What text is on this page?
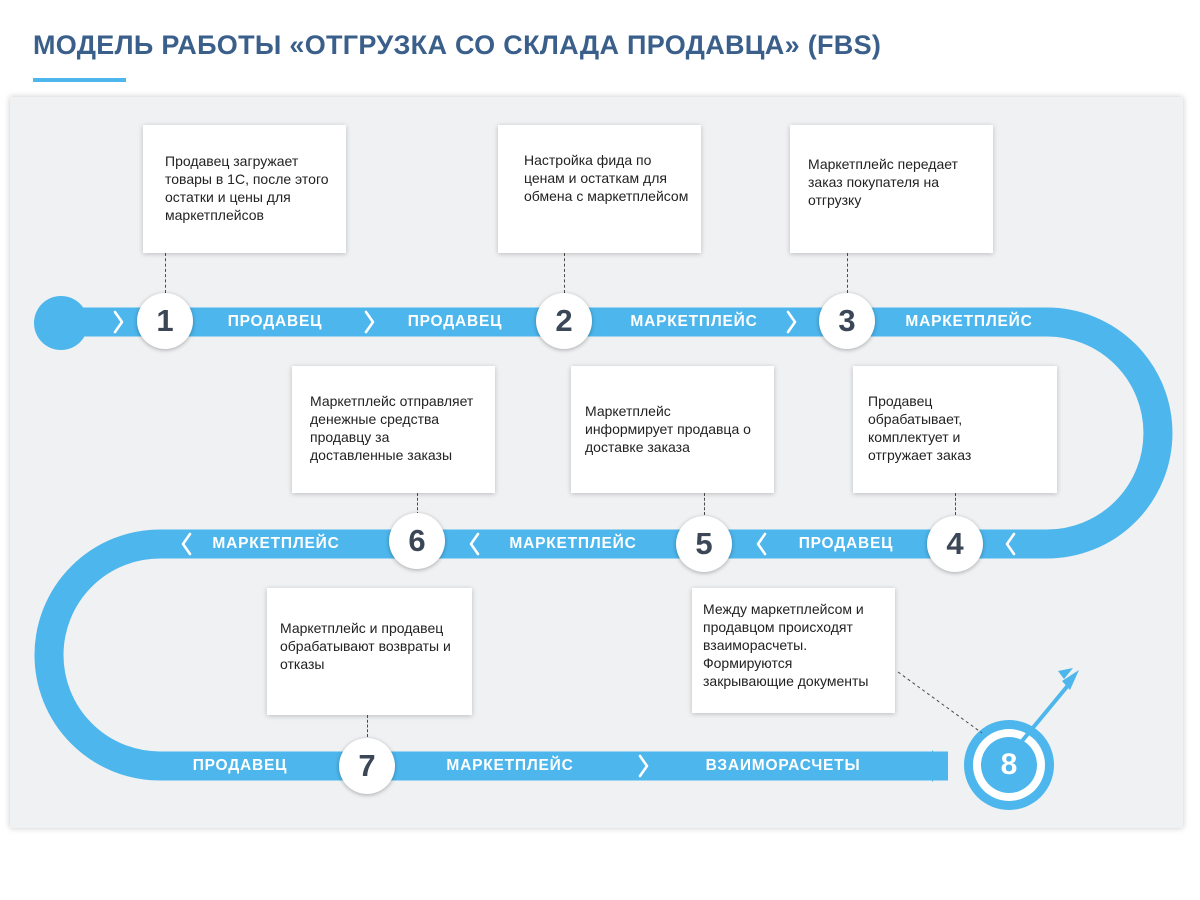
МОДЕЛЬ РАБОТЫ «ОТГРУЗКА СО СКЛАДА ПРОДАВЦА» (FBS)
Продавец загружает товары в 1С, после этого остатки и цены для маркетплейсов
Настройка фида по ценам и остаткам для обмена с маркетплейсом
Маркетплейс передает заказ покупателя на отгрузку
Маркетплейс отправляет денежные средства продавцу за доставленные заказы
Маркетплейс информирует продавца о доставке заказа
Продавец обрабатывает, комплектует и отгружает заказ
Маркетплейс и продавец обрабатывают возвраты и отказы
Между маркетплейсом и продавцом происходят взаиморасчеты. Формируются закрывающие документы
ПРОДАВЕЦ	ПРОДАВЕЦ	МАРКЕТПЛЕЙС	МАРКЕТПЛЕЙС
ПРОДАВЕЦ
МАРКЕТПЛЕЙС
МАРКЕТПЛЕЙС
ПРОДАВЕЦ	МАРКЕТПЛЕЙС	ВЗАИМОРАСЧЕТЫ
1	2	3
4
5
6
7	8
